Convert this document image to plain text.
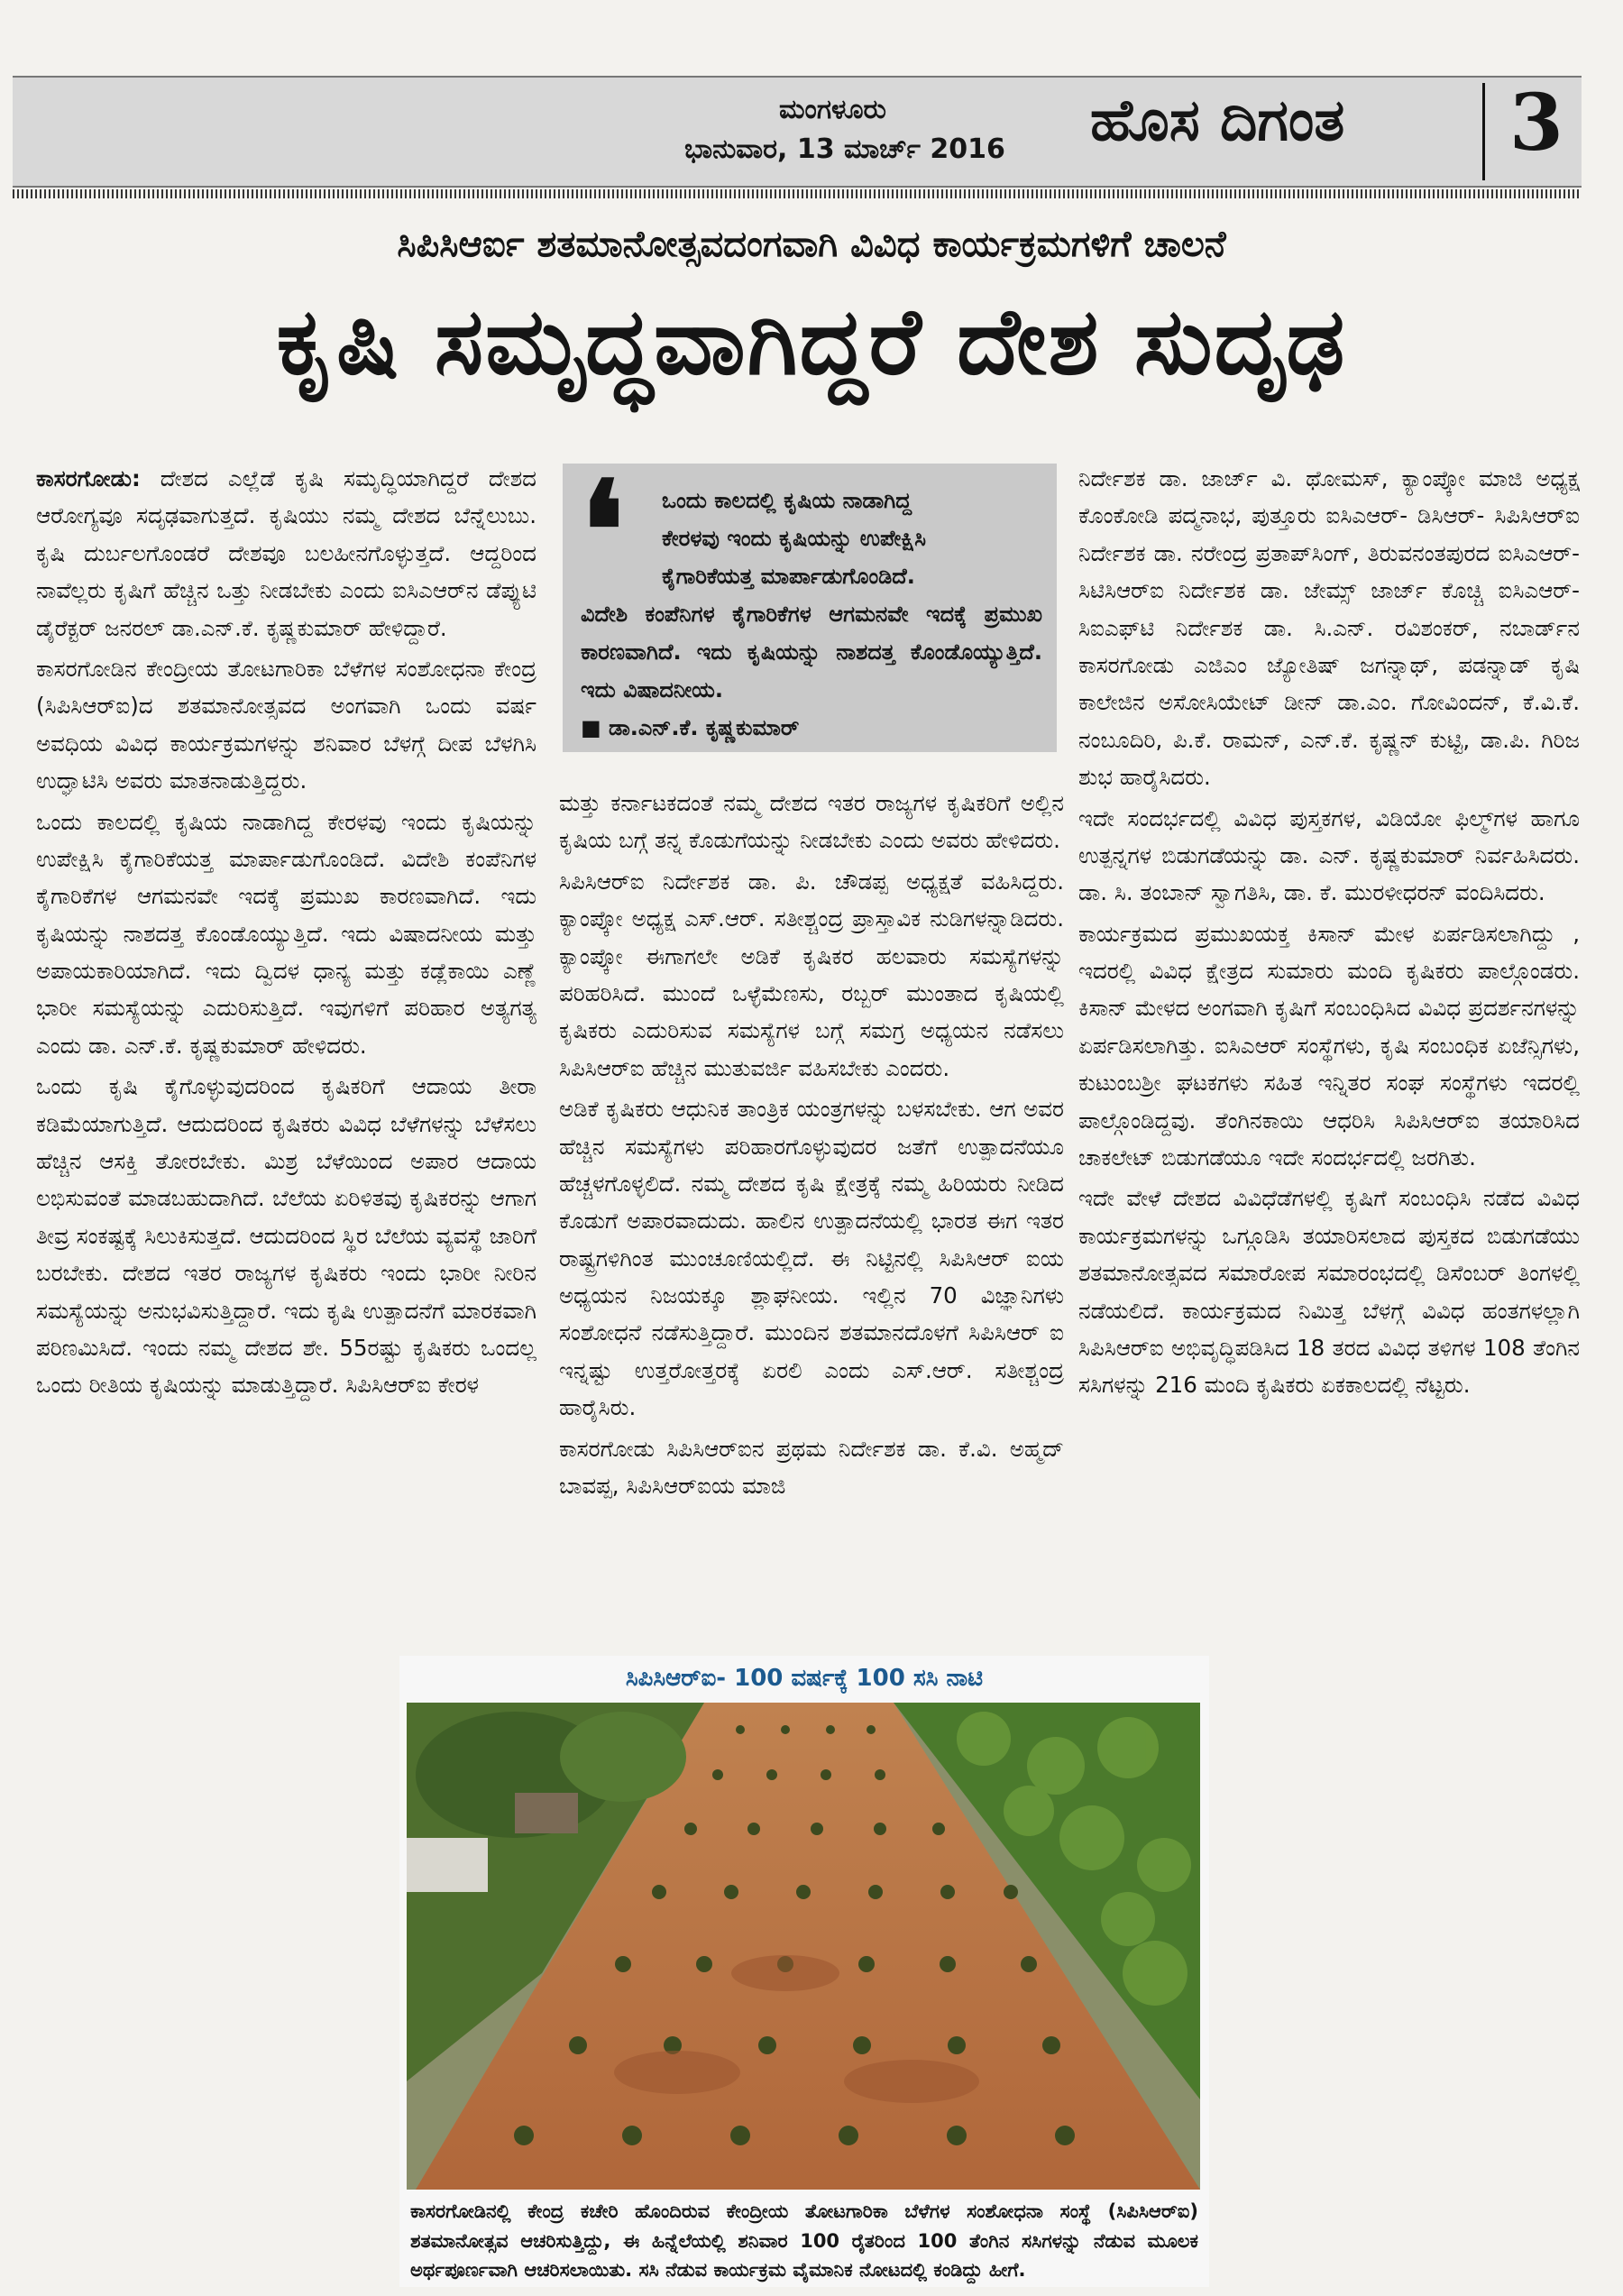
ಮಂಗಳೂರು
ಭಾನುವಾರ, 13 ಮಾರ್ಚ್ 2016 ಹೊಸ ದಿಗಂತ 3
ಸಿಪಿಸಿಆರ್ಐ ಶತಮಾನೋತ್ಸವದಂಗವಾಗಿ ವಿವಿಧ ಕಾರ್ಯಕ್ರಮಗಳಿಗೆ ಚಾಲನೆ
ಕೃಷಿ ಸಮೃದ್ಧವಾಗಿದ್ದರೆ ದೇಶ ಸುದೃಢ

ಕಾಸರಗೋಡು: ದೇಶದ ಎಲ್ಲೆಡೆ ಕೃಷಿ ಸಮೃದ್ಧಿಯಾಗಿದ್ದರೆ ದೇಶದ ಆರೋಗ್ಯವೂ ಸದೃಢವಾಗುತ್ತದೆ. ಕೃಷಿಯು ನಮ್ಮ ದೇಶದ ಬೆನ್ನೆಲುಬು. ಕೃಷಿ ದುರ್ಬಲಗೊಂಡರೆ ದೇಶವೂ ಬಲಹೀನಗೊಳ್ಳುತ್ತದೆ. ಆದ್ದರಿಂದ ನಾವೆಲ್ಲರು ಕೃಷಿಗೆ ಹೆಚ್ಚಿನ ಒತ್ತು ನೀಡಬೇಕು ಎಂದು ಐಸಿಎಆರ್‌ನ ಡೆಪ್ಯುಟಿ ಡೈರೆಕ್ಟರ್ ಜನರಲ್ ಡಾ.ಎನ್.ಕೆ. ಕೃಷ್ಣಕುಮಾರ್ ಹೇಳಿದ್ದಾರೆ.

ಕಾಸರಗೋಡಿನ ಕೇಂದ್ರೀಯ ತೋಟಗಾರಿಕಾ ಬೆಳೆಗಳ ಸಂಶೋಧನಾ ಕೇಂದ್ರ (ಸಿಪಿಸಿಆರ್‌ಐ)ದ ಶತಮಾನೋತ್ಸವದ ಅಂಗವಾಗಿ ಒಂದು ವರ್ಷ ಅವಧಿಯ ವಿವಿಧ ಕಾರ್ಯಕ್ರಮಗಳನ್ನು ಶನಿವಾರ ಬೆಳಗ್ಗೆ ದೀಪ ಬೆಳಗಿಸಿ ಉದ್ಘಾಟಿಸಿ ಅವರು ಮಾತನಾಡುತ್ತಿದ್ದರು.

ಒಂದು ಕಾಲದಲ್ಲಿ ಕೃಷಿಯ ನಾಡಾಗಿದ್ದ ಕೇರಳವು ಇಂದು ಕೃಷಿಯನ್ನು ಉಪೇಕ್ಷಿಸಿ ಕೈಗಾರಿಕೆಯತ್ತ ಮಾರ್ಪಾಡುಗೊಂಡಿದೆ. ವಿದೇಶಿ ಕಂಪೆನಿಗಳ ಕೈಗಾರಿಕೆಗಳ ಆಗಮನವೇ ಇದಕ್ಕೆ ಪ್ರಮುಖ ಕಾರಣವಾಗಿದೆ. ಇದು ಕೃಷಿಯನ್ನು ನಾಶದತ್ತ ಕೊಂಡೊಯ್ಯುತ್ತಿದೆ. ಇದು ವಿಷಾದನೀಯ ಮತ್ತು ಅಪಾಯಕಾರಿಯಾಗಿದೆ. ಇದು ದ್ವಿದಳ ಧಾನ್ಯ ಮತ್ತು ಕಡ್ಲೆಕಾಯಿ ಎಣ್ಣೆ ಭಾರೀ ಸಮಸ್ಯೆಯನ್ನು ಎದುರಿಸುತ್ತಿದೆ. ಇವುಗಳಿಗೆ ಪರಿಹಾರ ಅತ್ಯಗತ್ಯ ಎಂದು ಡಾ. ಎನ್.ಕೆ. ಕೃಷ್ಣಕುಮಾರ್ ಹೇಳಿದರು.

ಒಂದು ಕೃಷಿ ಕೈಗೊಳ್ಳುವುದರಿಂದ ಕೃಷಿಕರಿಗೆ ಆದಾಯ ತೀರಾ ಕಡಿಮೆಯಾಗುತ್ತಿದೆ. ಆದುದರಿಂದ ಕೃಷಿಕರು ವಿವಿಧ ಬೆಳೆಗಳನ್ನು ಬೆಳೆಸಲು ಹೆಚ್ಚಿನ ಆಸಕ್ತಿ ತೋರಬೇಕು. ಮಿಶ್ರ ಬೆಳೆಯಿಂದ ಅಪಾರ ಆದಾಯ ಲಭಿಸುವಂತೆ ಮಾಡಬಹುದಾಗಿದೆ. ಬೆಲೆಯ ಏರಿಳಿತವು ಕೃಷಿಕರನ್ನು ಆಗಾಗ ತೀವ್ರ ಸಂಕಷ್ಟಕ್ಕೆ ಸಿಲುಕಿಸುತ್ತದೆ. ಆದುದರಿಂದ ಸ್ಥಿರ ಬೆಲೆಯ ವ್ಯವಸ್ಥೆ ಜಾರಿಗೆ ಬರಬೇಕು. ದೇಶದ ಇತರ ರಾಜ್ಯಗಳ ಕೃಷಿಕರು ಇಂದು ಭಾರೀ ನೀರಿನ ಸಮಸ್ಯೆಯನ್ನು ಅನುಭವಿಸುತ್ತಿದ್ದಾರೆ. ಇದು ಕೃಷಿ ಉತ್ಪಾದನೆಗೆ ಮಾರಕವಾಗಿ ಪರಿಣಮಿಸಿದೆ. ಇಂದು ನಮ್ಮ ದೇಶದ ಶೇ. 55ರಷ್ಟು ಕೃಷಿಕರು ಒಂದಲ್ಲ ಒಂದು ರೀತಿಯ ಕೃಷಿಯನ್ನು ಮಾಡುತ್ತಿದ್ದಾರೆ. ಸಿಪಿಸಿಆರ್‌ಐ ಕೇರಳ

❛	ಒಂದು ಕಾಲದಲ್ಲಿ ಕೃಷಿಯ ನಾಡಾಗಿದ್ದ
ಕೇರಳವು ಇಂದು ಕೃಷಿಯನ್ನು ಉಪೇಕ್ಷಿಸಿ
ಕೈಗಾರಿಕೆಯತ್ತ ಮಾರ್ಪಾಡುಗೊಂಡಿದೆ.
ವಿದೇಶಿ ಕಂಪೆನಿಗಳ ಕೈಗಾರಿಕೆಗಳ ಆಗಮನವೇ ಇದಕ್ಕೆ ಪ್ರಮುಖ ಕಾರಣವಾಗಿದೆ. ಇದು ಕೃಷಿಯನ್ನು ನಾಶದತ್ತ ಕೊಂಡೊಯ್ಯುತ್ತಿದೆ. ಇದು ವಿಷಾದನೀಯ.
■ ಡಾ.ಎನ್.ಕೆ. ಕೃಷ್ಣಕುಮಾರ್

ಮತ್ತು ಕರ್ನಾಟಕದಂತೆ ನಮ್ಮ ದೇಶದ ಇತರ ರಾಜ್ಯಗಳ ಕೃಷಿಕರಿಗೆ ಅಲ್ಲಿನ ಕೃಷಿಯ ಬಗ್ಗೆ ತನ್ನ ಕೊಡುಗೆಯನ್ನು ನೀಡಬೇಕು ಎಂದು ಅವರು ಹೇಳಿದರು.

ಸಿಪಿಸಿಆರ್‌ಐ ನಿರ್ದೇಶಕ ಡಾ. ಪಿ. ಚೌಡಪ್ಪ ಅಧ್ಯಕ್ಷತೆ ವಹಿಸಿದ್ದರು. ಕ್ಯಾಂಪ್ಕೋ ಅಧ್ಯಕ್ಷ ಎಸ್.ಆರ್. ಸತೀಶ್ಚಂದ್ರ ಪ್ರಾಸ್ತಾವಿಕ ನುಡಿಗಳನ್ನಾಡಿದರು. ಕ್ಯಾಂಪ್ಕೋ ಈಗಾಗಲೇ ಅಡಿಕೆ ಕೃಷಿಕರ ಹಲವಾರು ಸಮಸ್ಯೆಗಳನ್ನು ಪರಿಹರಿಸಿದೆ. ಮುಂದೆ ಒಳ್ಳೆಮೆಣಸು, ರಬ್ಬರ್ ಮುಂತಾದ ಕೃಷಿಯಲ್ಲಿ ಕೃಷಿಕರು ಎದುರಿಸುವ ಸಮಸ್ಯೆಗಳ ಬಗ್ಗೆ ಸಮಗ್ರ ಅಧ್ಯಯನ ನಡೆಸಲು ಸಿಪಿಸಿಆರ್‌ಐ ಹೆಚ್ಚಿನ ಮುತುವರ್ಜಿ ವಹಿಸಬೇಕು ಎಂದರು.

ಅಡಿಕೆ ಕೃಷಿಕರು ಆಧುನಿಕ ತಾಂತ್ರಿಕ ಯಂತ್ರಗಳನ್ನು ಬಳಸಬೇಕು. ಆಗ ಅವರ ಹೆಚ್ಚಿನ ಸಮಸ್ಯೆಗಳು ಪರಿಹಾರಗೊಳ್ಳುವುದರ ಜತೆಗೆ ಉತ್ಪಾದನೆಯೂ ಹೆಚ್ಚಳಗೊಳ್ಳಲಿದೆ. ನಮ್ಮ ದೇಶದ ಕೃಷಿ ಕ್ಷೇತ್ರಕ್ಕೆ ನಮ್ಮ ಹಿರಿಯರು ನೀಡಿದ ಕೊಡುಗೆ ಅಪಾರವಾದುದು. ಹಾಲಿನ ಉತ್ಪಾದನೆಯಲ್ಲಿ ಭಾರತ ಈಗ ಇತರ ರಾಷ್ಟ್ರಗಳಿಗಿಂತ ಮುಂಚೂಣಿಯಲ್ಲಿದೆ. ಈ ನಿಟ್ಟಿನಲ್ಲಿ ಸಿಪಿಸಿಆರ್ ಐಯ ಅಧ್ಯಯನ ನಿಜಯಕ್ಕೂ ಶ್ಲಾಘನೀಯ. ಇಲ್ಲಿನ 70 ವಿಜ್ಞಾನಿಗಳು ಸಂಶೋಧನೆ ನಡೆಸುತ್ತಿದ್ದಾರೆ. ಮುಂದಿನ ಶತಮಾನದೊಳಗೆ ಸಿಪಿಸಿಆರ್ ಐ ಇನ್ನಷ್ಟು ಉತ್ತರೋತ್ತರಕ್ಕೆ ಏರಲಿ ಎಂದು ಎಸ್.ಆರ್. ಸತೀಶ್ಚಂದ್ರ ಹಾರೈಸಿರು.

ಕಾಸರಗೋಡು ಸಿಪಿಸಿಆರ್‌ಐನ ಪ್ರಥಮ ನಿರ್ದೇಶಕ ಡಾ. ಕೆ.ವಿ. ಅಹ್ಮದ್ ಬಾವಪ್ಪ, ಸಿಪಿಸಿಆರ್‌ಐಯ ಮಾಜಿ

ನಿರ್ದೇಶಕ ಡಾ. ಜಾರ್ಜ್ ವಿ. ಥೋಮಸ್, ಕ್ಯಾಂಪ್ಕೋ ಮಾಜಿ ಅಧ್ಯಕ್ಷ ಕೊಂಕೋಡಿ ಪದ್ಮನಾಭ, ಪುತ್ತೂರು ಐಸಿಎಆರ್- ಡಿಸಿಆರ್- ಸಿಪಿಸಿಆರ್‌ಐ ನಿರ್ದೇಶಕ ಡಾ. ನರೇಂದ್ರ ಪ್ರತಾಪ್‌ಸಿಂಗ್, ತಿರುವನಂತಪುರದ ಐಸಿಎಆರ್- ಸಿಟಿಸಿಆರ್‌ಐ ನಿರ್ದೇಶಕ ಡಾ. ಜೇಮ್ಸ್ ಜಾರ್ಜ್ ಕೊಚ್ಚಿ ಐಸಿಎಆರ್- ಸಿಐಎಫ್‌ಟಿ ನಿರ್ದೇಶಕ ಡಾ. ಸಿ.ಎನ್. ರವಿಶಂಕರ್, ನಬಾರ್ಡ್‌ನ ಕಾಸರಗೋಡು ಎಜಿಎಂ ಜ್ಯೋತಿಷ್ ಜಗನ್ನಾಥ್, ಪಡನ್ನಾಡ್ ಕೃಷಿ ಕಾಲೇಜಿನ ಅಸೋಸಿಯೇಟ್ ಡೀನ್ ಡಾ.ಎಂ. ಗೋವಿಂದನ್, ಕೆ.ವಿ.ಕೆ. ನಂಬೂದಿರಿ, ಪಿ.ಕೆ. ರಾಮನ್, ಎನ್.ಕೆ. ಕೃಷ್ಣನ್ ಕುಟ್ಟಿ, ಡಾ.ಪಿ. ಗಿರಿಜ ಶುಭ ಹಾರೈಸಿದರು.

ಇದೇ ಸಂದರ್ಭದಲ್ಲಿ ವಿವಿಧ ಪುಸ್ತಕಗಳ, ವಿಡಿಯೋ ಫಿಲ್ಮ್‌ಗಳ ಹಾಗೂ ಉತ್ಪನ್ನಗಳ ಬಿಡುಗಡೆಯನ್ನು ಡಾ. ಎನ್. ಕೃಷ್ಣಕುಮಾರ್ ನಿರ್ವಹಿಸಿದರು. ಡಾ. ಸಿ. ತಂಬಾನ್ ಸ್ವಾಗತಿಸಿ, ಡಾ. ಕೆ. ಮುರಳೀಧರನ್ ವಂದಿಸಿದರು.

ಕಾರ್ಯಕ್ರಮದ ಪ್ರಮುಖಯಕ್ತ ಕಿಸಾನ್ ಮೇಳ ಏರ್ಪಡಿಸಲಾಗಿದ್ದು , ಇದರಲ್ಲಿ ವಿವಿಧ ಕ್ಷೇತ್ರದ ಸುಮಾರು ಮಂದಿ ಕೃಷಿಕರು ಪಾಲ್ಗೊಂಡರು. ಕಿಸಾನ್ ಮೇಳದ ಅಂಗವಾಗಿ ಕೃಷಿಗೆ ಸಂಬಂಧಿಸಿದ ವಿವಿಧ ಪ್ರದರ್ಶನಗಳನ್ನು ಏರ್ಪಡಿಸಲಾಗಿತ್ತು. ಐಸಿಎಆರ್ ಸಂಸ್ಥೆಗಳು, ಕೃಷಿ ಸಂಬಂಧಿಕ ಏಜೆನ್ಸಿಗಳು, ಕುಟುಂಬಶ್ರೀ ಘಟಕಗಳು ಸಹಿತ ಇನ್ನಿತರ ಸಂಘ ಸಂಸ್ಥೆಗಳು ಇದರಲ್ಲಿ ಪಾಲ್ಗೊಂಡಿದ್ದವು. ತೆಂಗಿನಕಾಯಿ ಆಧರಿಸಿ ಸಿಪಿಸಿಆರ್‌ಐ ತಯಾರಿಸಿದ ಚಾಕಲೇಟ್ ಬಿಡುಗಡೆಯೂ ಇದೇ ಸಂದರ್ಭದಲ್ಲಿ ಜರಗಿತು.

ಇದೇ ವೇಳೆ ದೇಶದ ವಿವಿಧೆಡೆಗಳಲ್ಲಿ ಕೃಷಿಗೆ ಸಂಬಂಧಿಸಿ ನಡೆದ ವಿವಿಧ ಕಾರ್ಯಕ್ರಮಗಳನ್ನು ಒಗ್ಗೂಡಿಸಿ ತಯಾರಿಸಲಾದ ಪುಸ್ತಕದ ಬಿಡುಗಡೆಯು ಶತಮಾನೋತ್ಸವದ ಸಮಾರೋಪ ಸಮಾರಂಭದಲ್ಲಿ ಡಿಸೆಂಬರ್ ತಿಂಗಳಲ್ಲಿ ನಡೆಯಲಿದೆ. ಕಾರ್ಯಕ್ರಮದ ನಿಮಿತ್ತ ಬೆಳಗ್ಗೆ ವಿವಿಧ ಹಂತಗಳಲ್ಲಾಗಿ ಸಿಪಿಸಿಆರ್‌ಐ ಅಭಿವೃದ್ಧಿಪಡಿಸಿದ 18 ತರದ ವಿವಿಧ ತಳಿಗಳ 108 ತೆಂಗಿನ ಸಸಿಗಳನ್ನು 216 ಮಂದಿ ಕೃಷಿಕರು ಏಕಕಾಲದಲ್ಲಿ ನೆಟ್ಟರು.

ಸಿಪಿಸಿಆರ್‌ಐ- 100 ವರ್ಷಕ್ಕೆ 100 ಸಸಿ ನಾಟಿ
ಕಾಸರಗೋಡಿನಲ್ಲಿ ಕೇಂದ್ರ ಕಚೇರಿ ಹೊಂದಿರುವ ಕೇಂದ್ರೀಯ ತೋಟಗಾರಿಕಾ ಬೆಳೆಗಳ ಸಂಶೋಧನಾ ಸಂಸ್ಥೆ (ಸಿಪಿಸಿಆರ್‌ಐ) ಶತಮಾನೋತ್ಸವ ಆಚರಿಸುತ್ತಿದ್ದು, ಈ ಹಿನ್ನೆಲೆಯಲ್ಲಿ ಶನಿವಾರ 100 ರೈತರಿಂದ 100 ತೆಂಗಿನ ಸಸಿಗಳನ್ನು ನೆಡುವ ಮೂಲಕ ಅರ್ಥಪೂರ್ಣವಾಗಿ ಆಚರಿಸಲಾಯಿತು. ಸಸಿ ನೆಡುವ ಕಾರ್ಯಕ್ರಮ ವೈಮಾನಿಕ ನೋಟದಲ್ಲಿ ಕಂಡಿದ್ದು ಹೀಗೆ.
